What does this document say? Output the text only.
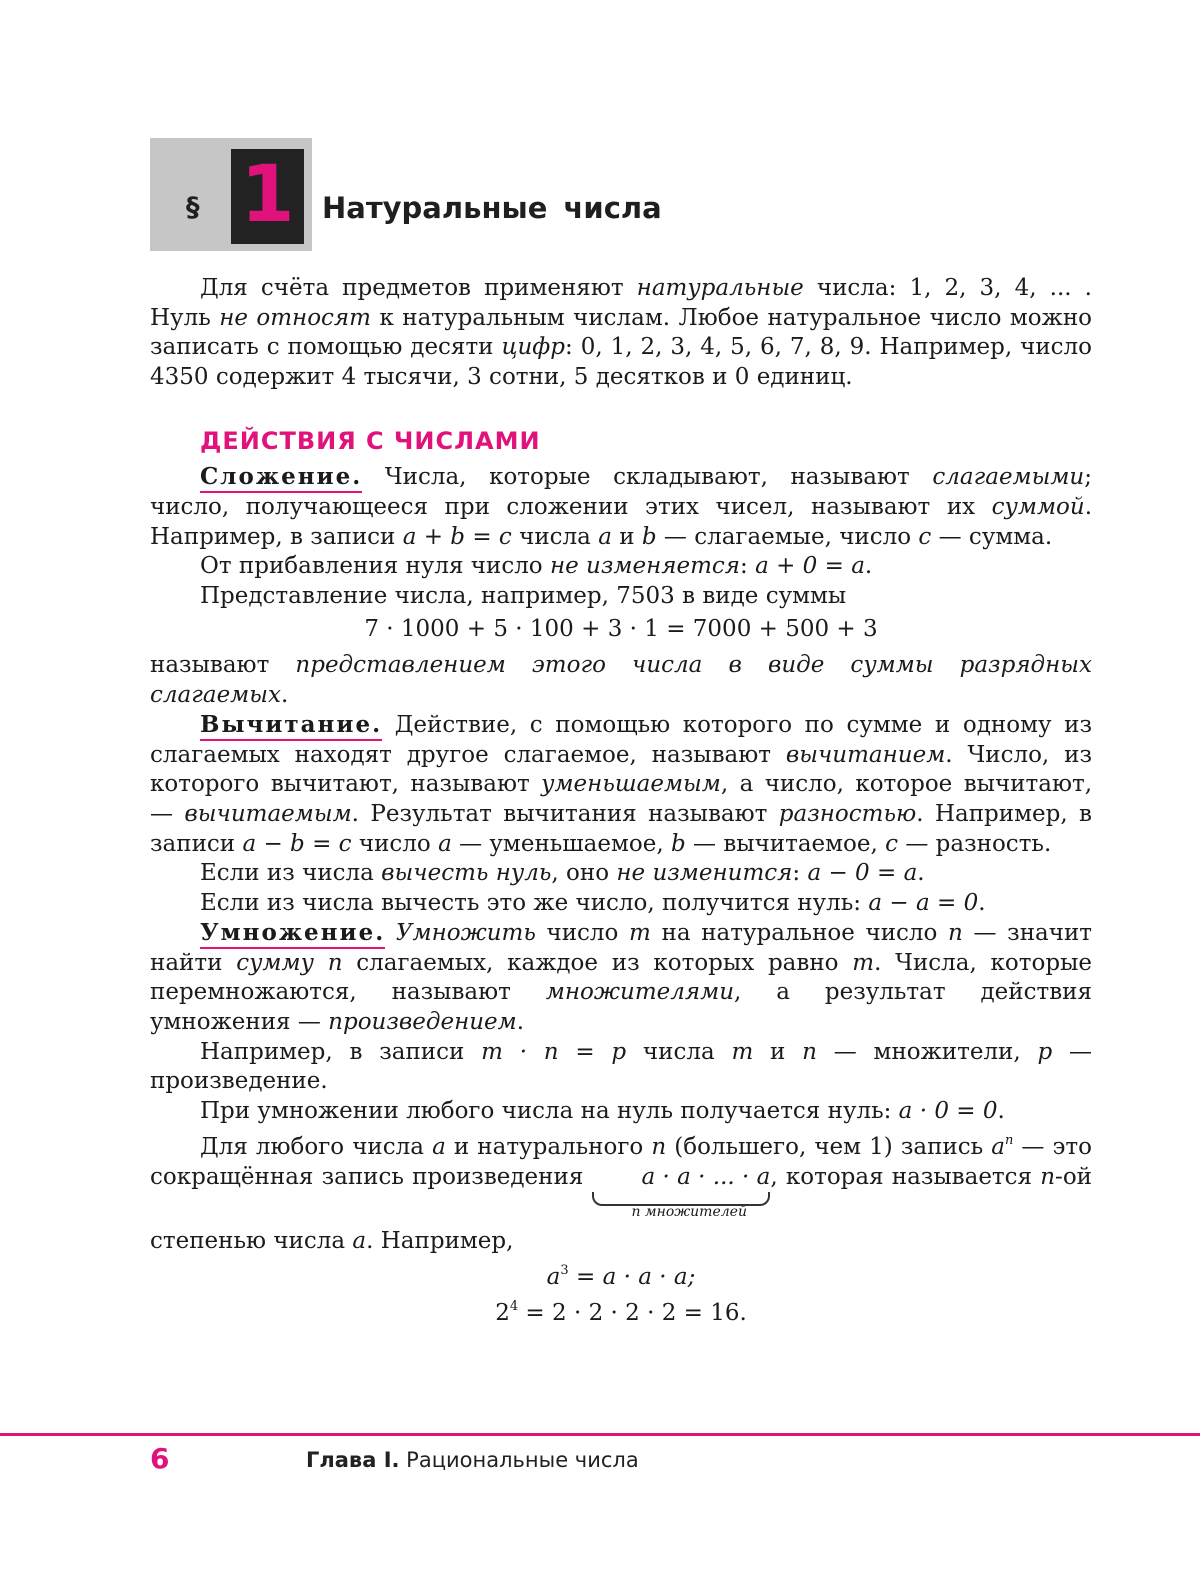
§ 1 Натуральные числа

Для счёта предметов применяют натуральные числа: 1, 2, 3, 4, ... . Нуль не относят к натуральным числам. Любое натуральное число можно записать с помощью десяти цифр: 0, 1, 2, 3, 4, 5, 6, 7, 8, 9. Например, число 4350 содержит 4 тысячи, 3 сотни, 5 десятков и 0 единиц.

ДЕЙСТВИЯ С ЧИСЛАМИ

Сложение. Числа, которые складывают, называют слагаемыми; число, получающееся при сложении этих чисел, называют их суммой. Например, в записи a + b = c числа a и b — слагаемые, число c — сумма.

От прибавления нуля число не изменяется: a + 0 = a.

Представление числа, например, 7503 в виде суммы

7 · 1000 + 5 · 100 + 3 · 1 = 7000 + 500 + 3

называют представлением этого числа в виде суммы разрядных слагаемых.

Вычитание. Действие, с помощью которого по сумме и одному из слагаемых находят другое слагаемое, называют вычитанием. Число, из которого вычитают, называют уменьшаемым, а число, которое вычитают, — вычитаемым. Результат вычитания называют разностью. Например, в записи a − b = c число a — уменьшаемое, b — вычитаемое, c — разность.

Если из числа вычесть нуль, оно не изменится: a − 0 = a.

Если из числа вычесть это же число, получится нуль: a − a = 0.

Умножение. Умножить число m на натуральное число n — значит найти сумму n слагаемых, каждое из которых равно m. Числа, которые перемножаются, называют множителями, а результат действия умножения — произведением.

Например, в записи m · n = p числа m и n — множители, p — произведение.

При умножении любого числа на нуль получается нуль: a · 0 = 0.

Для любого числа a и натурального n (большего, чем 1) запись $a^n$ — это сокращённая запись произведения a · a · ... · a
n множителей
, которая называется n-ой степенью числа a. Например,

$a^3 = a \cdot a \cdot a$;
$2^4 = 2 \cdot 2 \cdot 2 \cdot 2 = 16$.
6	Глава I. Рациональные числа
